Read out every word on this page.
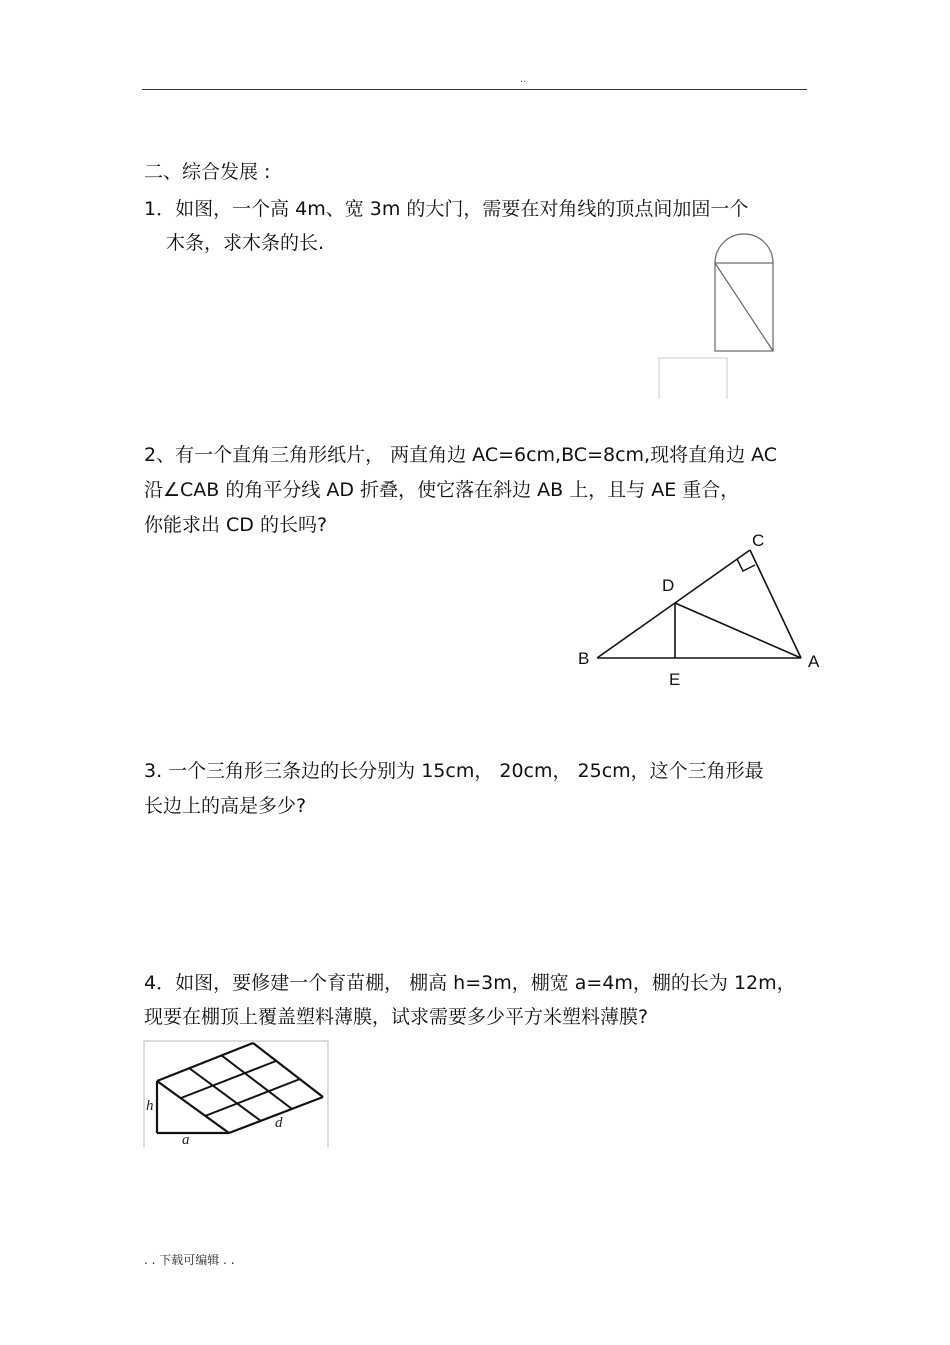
..
二、综合发展 :
1．如图，一个高 4m、宽 3m 的大门，需要在对角线的顶点间加固一个
木条，求木条的长.
2、有一个直角三角形纸片， 两直角边 AC=6cm,BC=8cm,现将直角边 AC
沿∠CAB 的角平分线 AD 折叠，使它落在斜边 AB 上，且与 AE 重合，
你能求出 CD 的长吗?
C
D
B	A
E
3. 一个三角形三条边的长分别为 15cm， 20cm， 25cm，这个三角形最
长边上的高是多少?
4．如图，要修建一个育苗棚， 棚高 h=3m，棚宽 a=4m，棚的长为 12m，
现要在棚顶上覆盖塑料薄膜，试求需要多少平方米塑料薄膜?
h
a
d
. . 下载可编辑 . .
